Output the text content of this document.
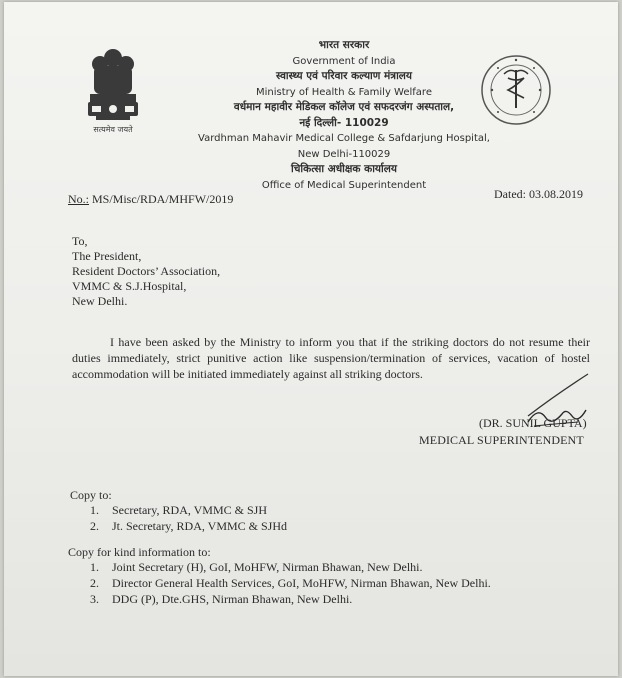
सत्यमेव जयते
भारत सरकार
Government of India
स्वास्थ्य एवं परिवार कल्याण मंत्रालय
Ministry of Health & Family Welfare
वर्धमान महावीर मेडिकल कॉलेज एवं सफदरजंग अस्पताल,
नई दिल्ली- 110029
Vardhman Mahavir Medical College & Safdarjung Hospital,
New Delhi-110029
चिकित्सा अधीक्षक कार्यालय
Office of Medical Superintendent
No.: MS/Misc/RDA/MHFW/2019	Dated: 03.08.2019
To,
The President,
Resident Doctors’ Association,
VMMC & S.J.Hospital,
New Delhi.
I have been asked by the Ministry to inform you that if the striking doctors do not resume their duties immediately, strict punitive action like suspension/termination of services, vacation of hostel accommodation will be initiated immediately against all striking doctors.
(DR. SUNIL GUPTA)
MEDICAL SUPERINTENDENT
Copy to:
1. Secretary, RDA, VMMC & SJH
2. Jt. Secretary, RDA, VMMC & SJHd
Copy for kind information to:
1. Joint Secretary (H), GoI, MoHFW, Nirman Bhawan, New Delhi.
2. Director General Health Services, GoI, MoHFW, Nirman Bhawan, New Delhi.
3. DDG (P), Dte.GHS, Nirman Bhawan, New Delhi.
